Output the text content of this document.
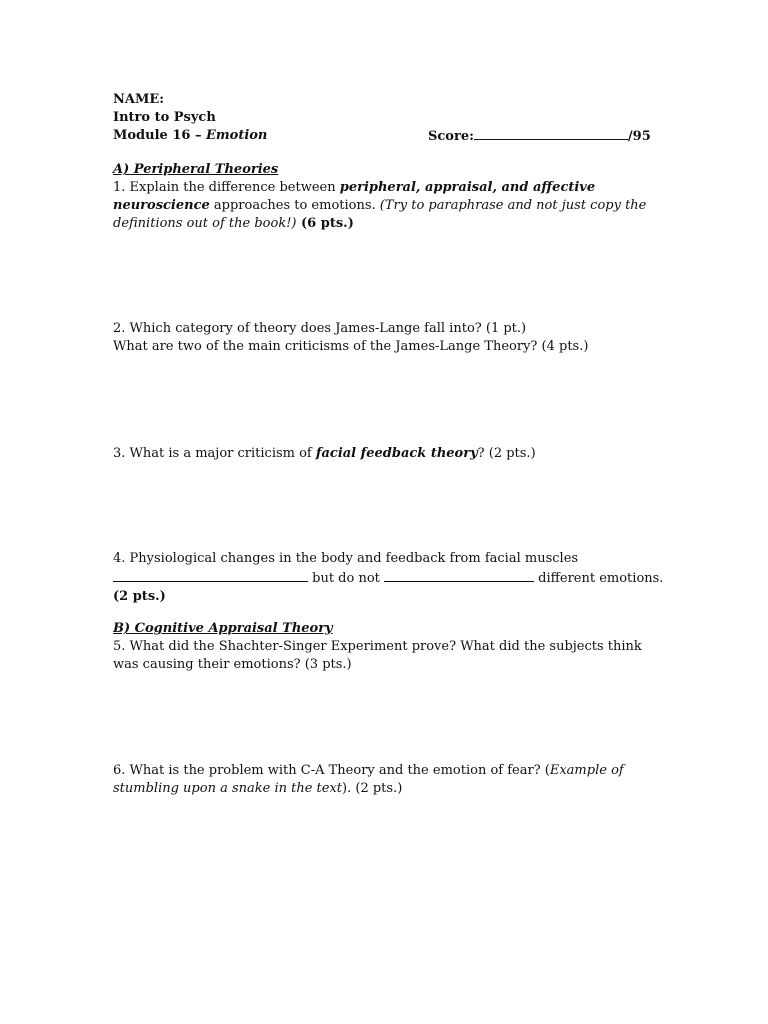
NAME:
Intro to Psych
Module 16 – Emotion	Score:	/95
A) Peripheral Theories
1. Explain the difference between peripheral, appraisal, and affective
neuroscience approaches to emotions. (Try to paraphrase and not just copy the
definitions out of the book!) (6 pts.)
2. Which category of theory does James-Lange fall into? (1 pt.)
What are two of the main criticisms of the James-Lange Theory? (4 pts.)
3. What is a major criticism of facial feedback theory? (2 pts.)
4. Physiological changes in the body and feedback from facial muscles
but do not	different emotions.
(2 pts.)
B) Cognitive Appraisal Theory
5. What did the Shachter-Singer Experiment prove? What did the subjects think
was causing their emotions? (3 pts.)
6. What is the problem with C-A Theory and the emotion of fear? (Example of
stumbling upon a snake in the text). (2 pts.)
